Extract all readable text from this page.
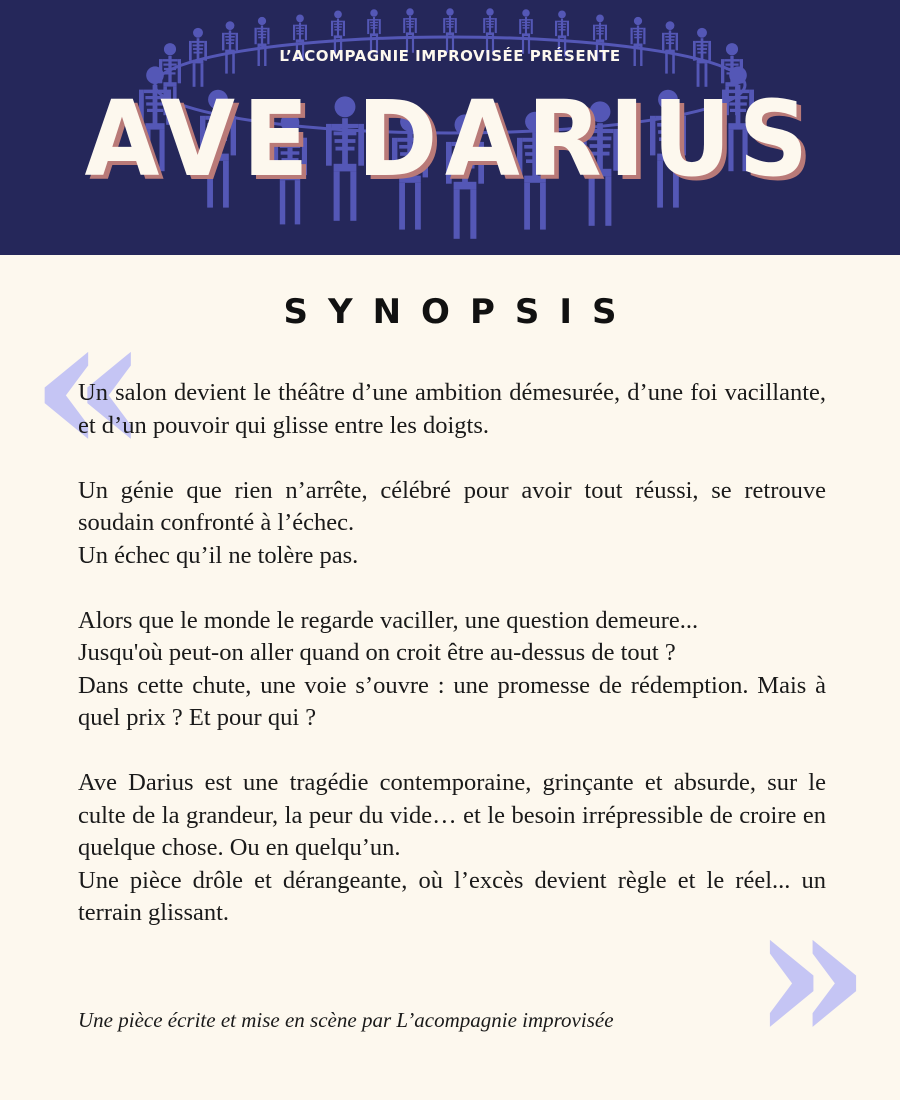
L’ACOMPAGNIE IMPROVISÉE PRÉSENTE
AVE DARIUS
«	SYNOPSIS
Un salon devient le théâtre d’une ambition démesurée, d’une foi vacillante, et d’un pouvoir qui glisse entre les doigts.
Un génie que rien n’arrête, célébré pour avoir tout réussi, se retrouve soudain confronté à l’échec.
Un échec qu’il ne tolère pas.
Alors que le monde le regarde vaciller, une question demeure...
Jusqu'où peut-on aller quand on croit être au-dessus de tout ?
Dans cette chute, une voie s’ouvre : une promesse de rédemption. Mais à quel prix ? Et pour qui ?
Ave Darius est une tragédie contemporaine, grinçante et absurde, sur le culte de la grandeur, la peur du vide… et le besoin irrépressible de croire en quelque chose. Ou en quelqu’un.
Une pièce drôle et dérangeante, où l’excès devient règle et le réel... un terrain glissant.	»

Une pièce écrite et mise en scène par L’acompagnie improvisée
